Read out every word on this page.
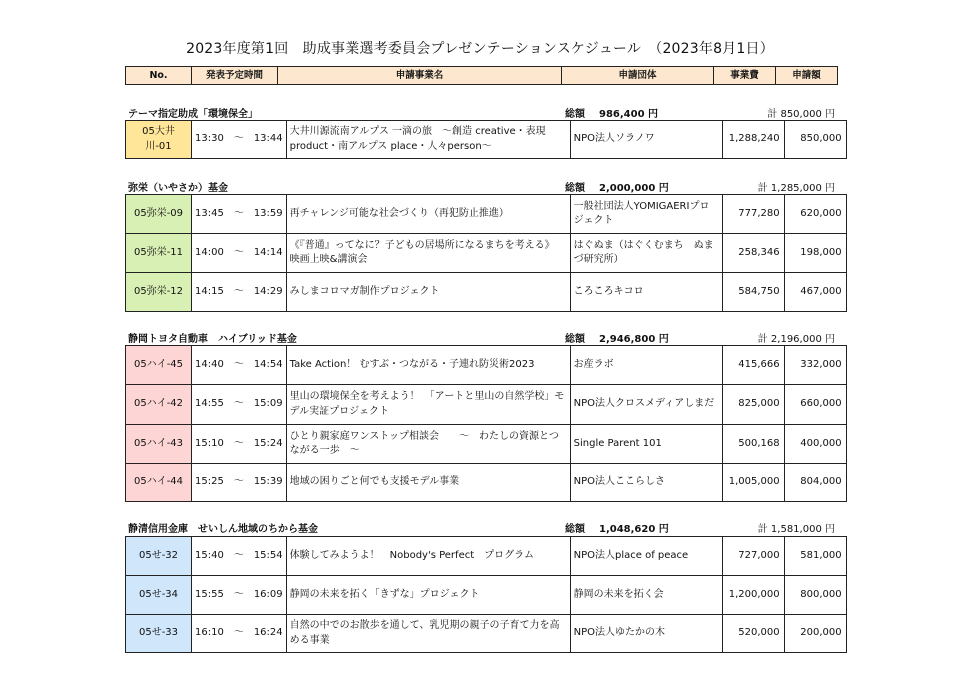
2023年度第1回　助成事業選考委員会プレゼンテーションスケジュール　（2023年8月1日）
No.	発表予定時間	申請事業名	申請団体	事業費	申請額
テーマ指定助成「環境保全」	総額 986,400 円	計 850,000 円
05大井川-01	13:30　～　13:44	大井川源流南アルプス 一滴の旅　～創造 creative・表現 product・南アルプス place・人々person～	NPO法人ソラノワ	1,288,240	850,000
弥栄（いやさか）基金	総額 2,000,000 円	計 1,285,000 円
05弥栄-09	13:45　～　13:59	再チャレンジ可能な社会づくり（再犯防止推進）	一般社団法人YOMIGAERIプロジェクト	777,280	620,000
05弥栄-11	14:00　～　14:14	《『普通』ってなに？子どもの居場所になるまちを考える》 映画上映&講演会	はぐぬま（はぐくむまち　ぬまづ研究所）	258,346	198,000
05弥栄-12	14:15　～　14:29	みしまコロマガ制作プロジェクト	ころころキコロ	584,750	467,000
静岡トヨタ自動車　ハイブリッド基金	総額 2,946,800 円	計 2,196,000 円
05ハイ-45	14:40　～　14:54	Take Action！ むすぶ・つながる・子連れ防災術2023	お産ラボ	415,666	332,000
05ハイ-42	14:55　～　15:09	里山の環境保全を考えよう！　「アートと里山の自然学校」モデル実証プロジェクト	NPO法人クロスメディアしまだ	825,000	660,000
05ハイ-43	15:10　～　15:24	ひとり親家庭ワンストップ相談会　　～　わたしの資源とつながる一歩　～	Single Parent 101	500,168	400,000
05ハイ-44	15:25　～　15:39	地域の困りごと何でも支援モデル事業	NPO法人ここらしさ	1,005,000	804,000
静清信用金庫　せいしん地域のちから基金	総額 1,048,620 円	計 1,581,000 円
05せ-32	15:40　～　15:54	体験してみようよ！　Nobody's Perfect　プログラム	NPO法人place of peace	727,000	581,000
05せ-34	15:55　～　16:09	静岡の未来を拓く「きずな」プロジェクト	静岡の未来を拓く会	1,200,000	800,000
05せ-33	16:10　～　16:24	自然の中でのお散歩を通して、乳児期の親子の子育て力を高める事業	NPO法人ゆたかの木	520,000	200,000
